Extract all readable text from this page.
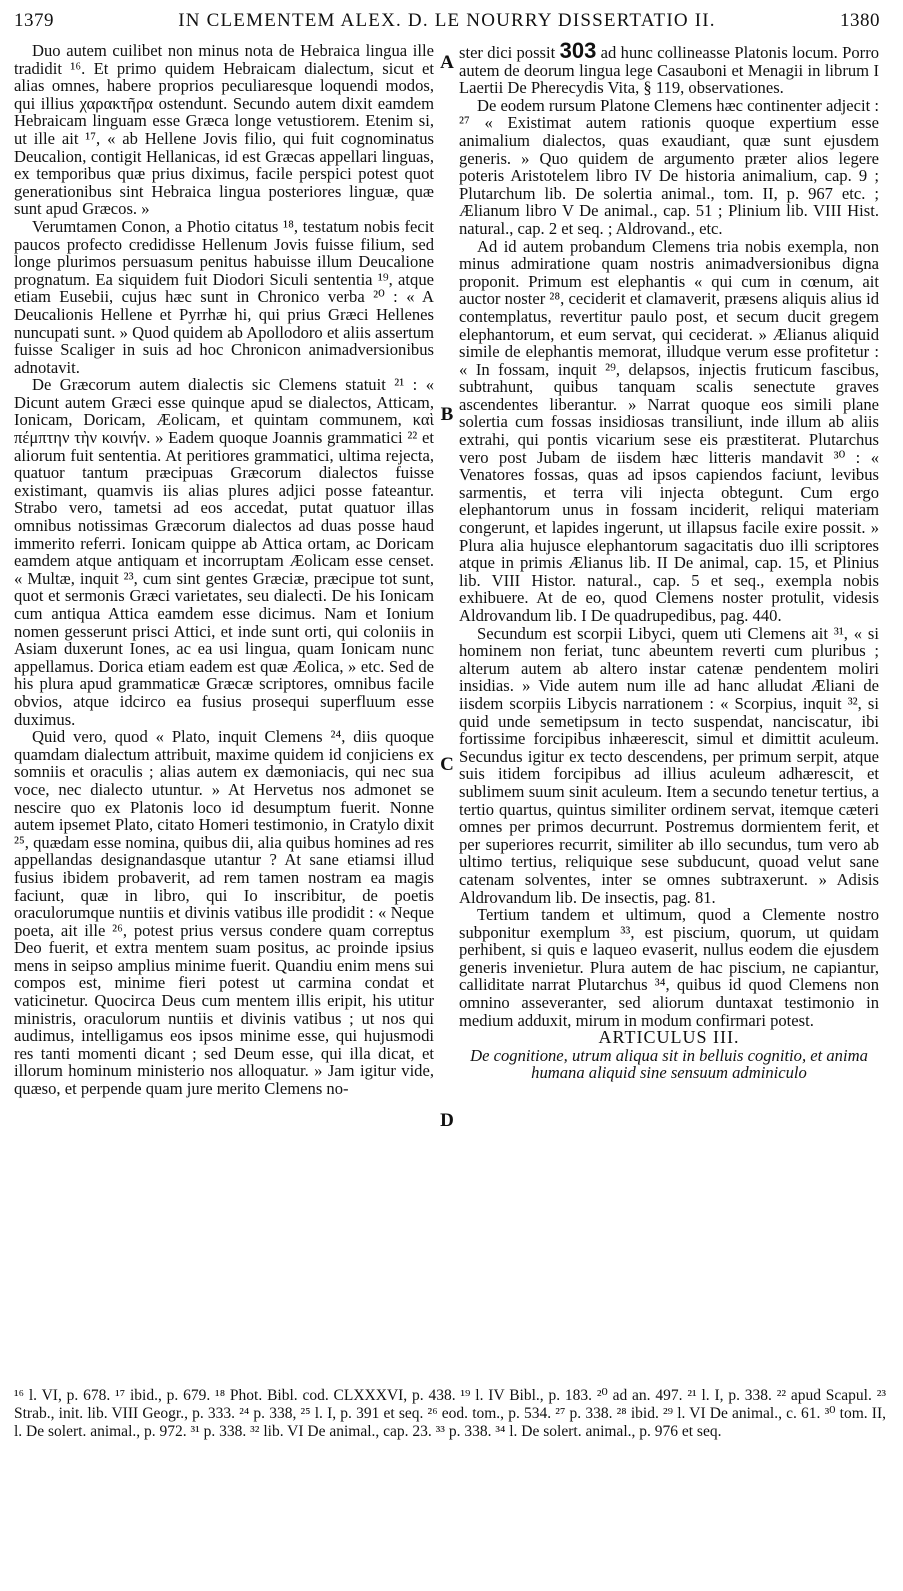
1379	IN CLEMENTEM ALEX. D. LE NOURRY DISSERTATIO II.	1380

Duo autem cuilibet non minus nota de Hebraica lingua ille tradidit ¹⁶. Et primo quidem Hebraicam dialectum, sicut et alias omnes, habere proprios peculiaresque loquendi modos, qui illius χαρακτῆρα ostendunt. Secundo autem dixit eamdem Hebraicam linguam esse Græca longe vetustiorem. Etenim si, ut ille ait ¹⁷, « ab Hellene Jovis filio, qui fuit cognominatus Deucalion, contigit Hellanicas, id est Græcas appellari linguas, ex temporibus quæ prius diximus, facile perspici potest quot generationibus sint Hebraica lingua posteriores linguæ, quæ sunt apud Græcos. »

Verumtamen Conon, a Photio citatus ¹⁸, testatum nobis fecit paucos profecto credidisse Hellenum Jovis fuisse filium, sed longe plurimos persuasum penitus habuisse illum Deucalione prognatum. Ea siquidem fuit Diodori Siculi sententia ¹⁹, atque etiam Eusebii, cujus hæc sunt in Chronico verba ²⁰ : « A Deucalionis Hellene et Pyrrhæ hi, qui prius Græci Hellenes nuncupati sunt. » Quod quidem ab Apollodoro et aliis assertum fuisse Scaliger in suis ad hoc Chronicon animadversionibus adnotavit.

De Græcorum autem dialectis sic Clemens statuit ²¹ : « Dicunt autem Græci esse quinque apud se dialectos, Atticam, Ionicam, Doricam, Æolicam, et quintam communem, καὶ πέμπτην τὴν κοινήν. » Eadem quoque Joannis grammatici ²² et aliorum fuit sententia. At peritiores grammatici, ultima rejecta, quatuor tantum præcipuas Græcorum dialectos fuisse existimant, quamvis iis alias plures adjici posse fateantur. Strabo vero, tametsi ad eos accedat, putat quatuor illas omnibus notissimas Græcorum dialectos ad duas posse haud immerito referri. Ionicam quippe ab Attica ortam, ac Doricam eamdem atque antiquam et incorruptam Æolicam esse censet. « Multæ, inquit ²³, cum sint gentes Græciæ, præcipue tot sunt, quot et sermonis Græci varietates, seu dialecti. De his Ionicam cum antiqua Attica eamdem esse dicimus. Nam et Ionium nomen gesserunt prisci Attici, et inde sunt orti, qui coloniis in Asiam duxerunt Iones, ac ea usi lingua, quam Ionicam nunc appellamus. Dorica etiam eadem est quæ Æolica, » etc. Sed de his plura apud grammaticæ Græcæ scriptores, omnibus facile obvios, atque idcirco ea fusius prosequi superfluum esse duximus.

Quid vero, quod « Plato, inquit Clemens ²⁴, diis quoque quamdam dialectum attribuit, maxime quidem id conjiciens ex somniis et oraculis ; alias autem ex dæmoniacis, qui nec sua voce, nec dialecto utuntur. » At Hervetus nos admonet se nescire quo ex Platonis loco id desumptum fuerit. Nonne autem ipsemet Plato, citato Homeri testimonio, in Cratylo dixit ²⁵, quædam esse nomina, quibus dii, alia quibus homines ad res appellandas designandasque utantur ? At sane etiamsi illud fusius ibidem probaverit, ad rem tamen nostram ea magis faciunt, quæ in libro, qui Io inscribitur, de poetis oraculorumque nuntiis et divinis vatibus ille prodidit : « Neque poeta, ait ille ²⁶, potest prius versus condere quam correptus Deo fuerit, et extra mentem suam positus, ac proinde ipsius mens in seipso amplius minime fuerit. Quandiu enim mens sui compos est, minime fieri potest ut carmina condat et vaticinetur. Quocirca Deus cum mentem illis eripit, his utitur ministris, oraculorum nuntiis et divinis vatibus ; ut nos qui audimus, intelligamus eos ipsos minime esse, qui hujusmodi res tanti momenti dicant ; sed Deum esse, qui illa dicat, et illorum hominum ministerio nos alloquatur. » Jam igitur vide, quæso, et perpende quam jure merito Clemens no-

A
B
C
D

ster dici possit 303 ad hunc collineasse Platonis locum. Porro autem de deorum lingua lege Casauboni et Menagii in librum I Laertii De Pherecydis Vita, § 119, observationes.

De eodem rursum Platone Clemens hæc continenter adjecit : ²⁷ « Existimat autem rationis quoque expertium esse animalium dialectos, quas exaudiant, quæ sunt ejusdem generis. » Quo quidem de argumento præter alios legere poteris Aristotelem libro IV De historia animalium, cap. 9 ; Plutarchum lib. De solertia animal., tom. II, p. 967 etc. ; Ælianum libro V De animal., cap. 51 ; Plinium lib. VIII Hist. natural., cap. 2 et seq. ; Aldrovand., etc.

Ad id autem probandum Clemens tria nobis exempla, non minus admiratione quam nostris animadversionibus digna proponit. Primum est elephantis « qui cum in cœnum, ait auctor noster ²⁸, ceciderit et clamaverit, præsens aliquis alius id contemplatus, revertitur paulo post, et secum ducit gregem elephantorum, et eum servat, qui ceciderat. » Ælianus aliquid simile de elephantis memorat, illudque verum esse profitetur : « In fossam, inquit ²⁹, delapsos, injectis fruticum fascibus, subtrahunt, quibus tanquam scalis senectute graves ascendentes liberantur. » Narrat quoque eos simili plane solertia cum fossas insidiosas transiliunt, inde illum ab aliis extrahi, qui pontis vicarium sese eis præstiterat. Plutarchus vero post Jubam de iisdem hæc litteris mandavit ³⁰ : « Venatores fossas, quas ad ipsos capiendos faciunt, levibus sarmentis, et terra vili injecta obtegunt. Cum ergo elephantorum unus in fossam inciderit, reliqui materiam congerunt, et lapides ingerunt, ut illapsus facile exire possit. » Plura alia hujusce elephantorum sagacitatis duo illi scriptores atque in primis Ælianus lib. II De animal, cap. 15, et Plinius lib. VIII Histor. natural., cap. 5 et seq., exempla nobis exhibuere. At de eo, quod Clemens noster protulit, videsis Aldrovandum lib. I De quadrupedibus, pag. 440.

Secundum est scorpii Libyci, quem uti Clemens ait ³¹, « si hominem non feriat, tunc abeuntem reverti cum pluribus ; alterum autem ab altero instar catenæ pendentem moliri insidias. » Vide autem num ille ad hanc alludat Æliani de iisdem scorpiis Libycis narrationem : « Scorpius, inquit ³², si quid unde semetipsum in tecto suspendat, nanciscatur, ibi fortissime forcipibus inhæerescit, simul et dimittit aculeum. Secundus igitur ex tecto descendens, per primum serpit, atque suis itidem forcipibus ad illius aculeum adhærescit, et sublimem suum sinit aculeum. Item a secundo tenetur tertius, a tertio quartus, quintus similiter ordinem servat, itemque cæteri omnes per primos decurrunt. Postremus dormientem ferit, et per superiores recurrit, similiter ab illo secundus, tum vero ab ultimo tertius, reliquique sese subducunt, quoad velut sane catenam solventes, inter se omnes subtraxerunt. » Adisis Aldrovandum lib. De insectis, pag. 81.

Tertium tandem et ultimum, quod a Clemente nostro subponitur exemplum ³³, est piscium, quorum, ut quidam perhibent, si quis e laqueo evaserit, nullus eodem die ejusdem generis invenietur. Plura autem de hac piscium, ne capiantur, calliditate narrat Plutarchus ³⁴, quibus id quod Clemens non omnino asseveranter, sed aliorum duntaxat testimonio in medium adduxit, mirum in modum confirmari potest.

ARTICULUS III.

De cognitione, utrum aliqua sit in belluis cognitio, et anima humana aliquid sine sensuum adminiculo

¹⁶ l. VI, p. 678. ¹⁷ ibid., p. 679. ¹⁸ Phot. Bibl. cod. CLXXXVI, p. 438. ¹⁹ l. IV Bibl., p. 183. ²⁰ ad an. 497. ²¹ l. I, p. 338. ²² apud Scapul. ²³ Strab., init. lib. VIII Geogr., p. 333. ²⁴ p. 338, ²⁵ l. I, p. 391 et seq. ²⁶ eod. tom., p. 534. ²⁷ p. 338. ²⁸ ibid. ²⁹ l. VI De animal., c. 61. ³⁰ tom. II, l. De solert. animal., p. 972. ³¹ p. 338. ³² lib. VI De animal., cap. 23. ³³ p. 338. ³⁴ l. De solert. animal., p. 976 et seq.
